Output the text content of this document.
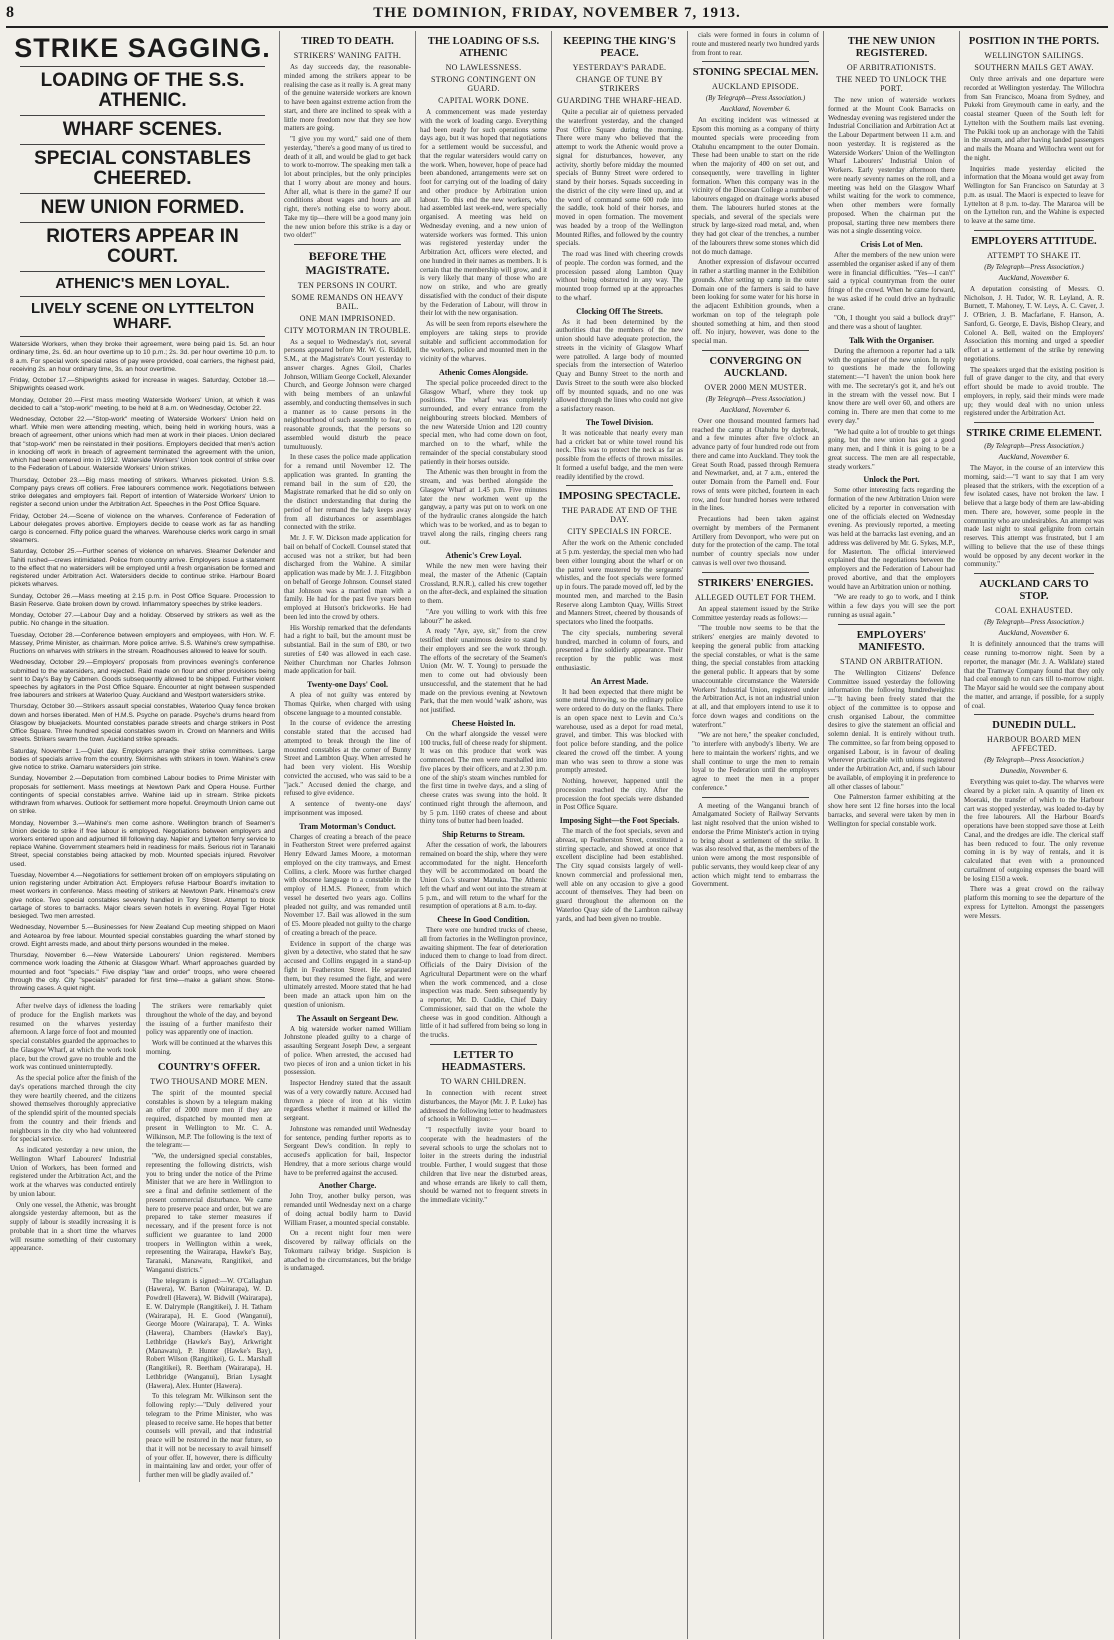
8	THE DOMINION, FRIDAY, NOVEMBER 7, 1913.
STRIKE SAGGING.
LOADING OF THE S.S. ATHENIC.
WHARF SCENES.
SPECIAL CONSTABLES CHEERED.
NEW UNION FORMED.
RIOTERS APPEAR IN COURT.
ATHENIC'S MEN LOYAL.
LIVELY SCENE ON LYTTELTON WHARF.

Waterside Workers, when they broke their agreement, were being paid 1s. 5d. an hour ordinary time, 2s. 6d. an hour overtime up to 10 p.m.; 2s. 3d. per hour overtime 10 p.m. to 8 a.m. For special work special rates of pay were provided, coal carriers, the highest paid, receiving 2s. an hour ordinary time, 3s. an hour overtime.

Friday, October 17.—Shipwrights asked for increase in wages. Saturday, October 18.—Shipwrights ceased work.

Monday, October 20.—First mass meeting Waterside Workers' Union, at which it was decided to call a "stop-work" meeting, to be held at 8 a.m. on Wednesday, October 22.

Wednesday, October 22.—"Stop-work" meeting of Waterside Workers' Union held on wharf. While men were attending meeting, which, being held in working hours, was a breach of agreement, other unions which had men at work in their places. Union declared that "stop-work" men be reinstated in their positions. Employers decided that men's action in knocking off work in breach of agreement terminated the agreement with the union, which had been entered into in 1912. Waterside Workers' Union took control of strike over to the Federation of Labour. Waterside Workers' Union strikes.

Thursday, October 23.—Big mass meeting of strikers. Wharves picketed. Union S.S. Company pays crews off colliers. Free labourers commence work. Negotiations between strike delegates and employers fail. Report of intention of Waterside Workers' Union to register a second union under the Arbitration Act. Speeches in the Post Office Square.

Friday, October 24.—Scene of violence on the wharves. Conference of Federation of Labour delegates proves abortive. Employers decide to cease work as far as handling cargo is concerned. Fifty police guard the wharves. Warehouse clerks work cargo in small steamers.

Saturday, October 25.—Further scenes of violence on wharves. Steamer Defender and Tahiti rushed—crews intimidated. Police from country arrive. Employers issue a statement to the effect that no watersiders will be employed until a fresh organisation be formed and registered under Arbitration Act. Watersiders decide to continue strike. Harbour Board pickets wharves.

Sunday, October 26.—Mass meeting at 2.15 p.m. in Post Office Square. Procession to Basin Reserve. Gate broken down by crowd. Inflammatory speeches by strike leaders.

Monday, October 27.—Labour Day and a holiday. Observed by strikers as well as the public. No change in the situation.

Tuesday, October 28.—Conference between employers and employees, with Hon. W. F. Massey, Prime Minister, as chairman. More police arrive. S.S. Wahine's crew sympathise. Ructions on wharves with strikers in the stream. Roadhouses allowed to leave for south.

Wednesday, October 29.—Employers' proposals from provinces evening's conference submitted to the watersiders, and rejected. Raid made on flour and other provisions being sent to Day's Bay by Cabmen. Goods subsequently allowed to be shipped. Further violent speeches by agitators in the Post Office Square. Encounter at night between suspended free labourers and strikers at Waterloo Quay. Auckland and Westport watersiders strike.

Thursday, October 30.—Strikers assault special constables, Waterloo Quay fence broken down and horses liberated. Men of H.M.S. Psyche on parade. Psyche's drums heard from Glasgow by bluejackets. Mounted constables parade streets and charge strikers in Post Office Square. Three hundred special constables sworn in. Crowd on Manners and Willis streets. Strikers swarm the town. Auckland strike spreads.

Saturday, November 1.—Quiet day. Employers arrange their strike committees. Large bodies of specials arrive from the country. Skirmishes with strikers in town. Wahine's crew give notice to strike. Oamaru watersiders join strike.

Sunday, November 2.—Deputation from combined Labour bodies to Prime Minister with proposals for settlement. Mass meetings at Newtown Park and Opera House. Further contingents of special constables arrive. Wahine laid up in stream. Strike pickets withdrawn from wharves. Outlook for settlement more hopeful. Greymouth Union came out on strike.

Monday, November 3.—Wahine's men come ashore. Wellington branch of Seamen's Union decide to strike if free labour is employed. Negotiations between employers and workers entered upon and adjourned till following day. Napier and Lyttelton ferry service to replace Wahine. Government steamers held in readiness for mails. Serious riot in Taranaki Street, special constables being attacked by mob. Mounted specials injured. Revolver used.

Tuesday, November 4.—Negotiations for settlement broken off on employers stipulating on union registering under Arbitration Act. Employers refuse Harbour Board's invitation to meet workers in conference. Mass meeting of strikers at Newtown Park. Hinemoa's crew give notice. Two special constables severely handled in Tory Street. Attempt to block cartage of stores to barracks. Major clears seven hotels in evening. Royal Tiger Hotel besieged. Two men arrested.

Wednesday, November 5.—Businesses for New Zealand Cup meeting shipped on Maori and Aotearoa by free labour. Mounted special constables guarding the wharf stoned by crowd. Eight arrests made, and about thirty persons wounded in the melee.

Thursday, November 6.—New Waterside Labourers' Union registered. Members commence work loading the Athenic at Glasgow Wharf. Wharf approaches guarded by mounted and foot "specials." Five display "law and order" troops, who were cheered through the city. City "specials" paraded for first time—make a gallant show. Stone-throwing cases. A quiet night.

After twelve days of idleness the loading of produce for the English markets was resumed on the wharves yesterday afternoon. A large force of foot and mounted special constables guarded the approaches to the Glasgow Wharf, at which the work took place, but the crowd gave no trouble and the work was continued uninterruptedly.

As the special police after the finish of the day's operations marched through the city they were heartily cheered, and the citizens showed themselves thoroughly appreciative of the splendid spirit of the mounted specials from the country and their friends and neighbours in the city who had volunteered for special service.

As indicated yesterday a new union, the Wellington Wharf Labourers' Industrial Union of Workers, has been formed and registered under the Arbitration Act, and the work at the wharves was conducted entirely by union labour.

Only one vessel, the Athenic, was brought alongside yesterday afternoon, but as the supply of labour is steadily increasing it is probable that in a short time the wharves will resume something of their customary appearance.

The strikers were remarkably quiet throughout the whole of the day, and beyond the issuing of a further manifesto their policy was apparently one of inaction.

Work will be continued at the wharves this morning.

COUNTRY'S OFFER.
TWO THOUSAND MORE MEN.

The spirit of the mounted special constables is shown by a telegram making an offer of 2000 more men if they are required, dispatched by mounted men at present in Wellington to Mr. C. A. Wilkinson, M.P. The following is the text of the telegram:—

"We, the undersigned special constables, representing the following districts, wish you to bring under the notice of the Prime Minister that we are here in Wellington to see a final and definite settlement of the present commercial disturbance. We came here to preserve peace and order, but we are prepared to take sterner measures if necessary, and if the present force is not sufficient we guarantee to land 2000 troopers in Wellington within a week, representing the Wairarapa, Hawke's Bay, Taranaki, Manawatu, Rangitikei, and Wanganui districts."

The telegram is signed:—W. O'Callaghan (Hawera), W. Barton (Wairarapa), W. D. Powdrell (Hawera), W. Bidwill (Wairarapa), E. W. Dalrymple (Rangitikei), J. H. Tatham (Wairarapa), H. E. Good (Wanganui), George Moore (Wairarapa), T. A. Winks (Hawera), Chambers (Hawke's Bay), Lethbridge (Hawke's Bay), Arkwright (Manawatu), P. Hunter (Hawke's Bay), Robert Wilson (Rangitikei), G. L. Marshall (Rangitikei), R. Beetham (Wairarapa), H. Lethbridge (Wanganui), Brian Lysaght (Hawera), Alex. Hunter (Hawera).

To this telegram Mr. Wilkinson sent the following reply:—"Duly delivered your telegram to the Prime Minister, who was pleased to receive same. He hopes that better counsels will prevail, and that industrial peace will be restored in the near future, so that it will not be necessary to avail himself of your offer. If, however, there is difficulty in maintaining law and order, your offer of further men will be gladly availed of."

TIRED TO DEATH.
STRIKERS' WANING FAITH.

As day succeeds day, the reasonable-minded among the strikers appear to be realising the case as it really is. A great many of the genuine waterside workers are known to have been against extreme action from the start, and there are inclined to speak with a little more freedom now that they see how matters are going.

"I give you my word," said one of them yesterday, "there's a good many of us tired to death of it all, and would be glad to get back to work to-morrow. The speaking men talk a lot about principles, but the only principles that I worry about are money and hours. After all, what is there in the game? If our conditions about wages and hours are all right, there's nothing else to worry about. Take my tip—there will be a good many join the new union before this strike is a day or two older!"

BEFORE THE MAGISTRATE.
TEN PERSONS IN COURT.
SOME REMANDS ON HEAVY BAIL.
ONE MAN IMPRISONED.
CITY MOTORMAN IN TROUBLE.

As a sequel to Wednesday's riot, several persons appeared before Mr. W. G. Riddell, S.M., at the Magistrate's Court yesterday to answer charges. Agnes Gloil, Charles Johnson, William George Cockell, Alexander Church, and George Johnson were charged with being members of an unlawful assembly, and conducting themselves in such a manner as to cause persons in the neighbourhood of such assembly to fear, on reasonable grounds, that the persons so assembled would disturb the peace tumultuously.

In these cases the police made application for a remand until November 12. The application was granted. In granting the remand bail in the sum of £20, the Magistrate remarked that he did so only on the distinct understanding that during the period of her remand the lady keeps away from all disturbances or assemblages connected with the strike.

Mr. J. F. W. Dickson made application for bail on behalf of Cockell. Counsel stated that accused was not a striker, but had been discharged from the Wahine. A similar application was made by Mr. J. J. Fitzgibbon on behalf of George Johnson. Counsel stated that Johnson was a married man with a family. He had for the past five years been employed at Hutson's brickworks. He had been led into the crowd by others.

His Worship remarked that the defendants had a right to bail, but the amount must be substantial. Bail in the sum of £80, or two sureties of £40 was allowed in each case. Neither Churchman nor Charles Johnson made application for bail.

Twenty-one Days' Cool.

A plea of not guilty was entered by Thomas Quirke, when charged with using obscene language to a mounted constable.

In the course of evidence the arresting constable stated that the accused had attempted to break through the line of mounted constables at the corner of Bunny Street and Lambton Quay. When arrested he had been very violent. His Worship convicted the accused, who was said to be a "jack." Accused denied the charge, and refused to give evidence.

A sentence of twenty-one days' imprisonment was imposed.

Tram Motorman's Conduct.

Charges of creating a breach of the peace in Featherston Street were preferred against Henry Edward James Moore, a motorman employed on the city tramways, and Ernest Collins, a clerk. Moore was further charged with obscene language to a constable in the employ of H.M.S. Pioneer, from which vessel he deserted two years ago. Collins pleaded not guilty, and was remanded until November 17. Bail was allowed in the sum of £5. Moore pleaded not guilty to the charge of creating a breach of the peace.

Evidence in support of the charge was given by a detective, who stated that he saw accused and Collins engaged in a stand-up fight in Featherston Street. He separated them, but they resumed the fight, and were ultimately arrested. Moore stated that he had been made an attack upon him on the question of unionism.

The Assault on Sergeant Dew.

A big waterside worker named William Johnstone pleaded guilty to a charge of assaulting Sergeant Joseph Dew, a sergeant of police. When arrested, the accused had two pieces of iron and a union ticket in his possession.

Inspector Hendrey stated that the assault was of a very cowardly nature. Accused had thrown a piece of iron at his victim regardless whether it maimed or killed the sergeant.

Johnstone was remanded until Wednesday for sentence, pending further reports as to Sergeant Dew's condition. In reply to accused's application for bail, Inspector Hendrey, that a more serious charge would have to be preferred against the accused.

Another Charge.

John Troy, another bulky person, was remanded until Wednesday next on a charge of doing actual bodily harm to David William Fraser, a mounted special constable.

On a recent night four men were discovered by railway officials on the Tokomaru railway bridge. Suspicion is attached to the circumstances, but the bridge is undamaged.

THE LOADING OF S.S. ATHENIC
NO LAWLESSNESS.
STRONG CONTINGENT ON GUARD.
CAPITAL WORK DONE.

A commencement was made yesterday with the work of loading cargo. Everything had been ready for such operations some days ago, but it was hoped that negotiations for a settlement would be successful, and that the regular watersiders would carry on the work. When, however, hope of peace had been abandoned, arrangements were set on foot for carrying out of the loading of dairy and other produce by Arbitration union labour. To this end the new workers, who had assembled last week-end, were specially organised. A meeting was held on Wednesday evening, and a new union of waterside workers was formed. This union was registered yesterday under the Arbitration Act, officers were elected, and one hundred in their names as members. It is certain that the membership will grow, and it is very likely that many of those who are now on strike, and who are greatly dissatisfied with the conduct of their dispute by the Federation of Labour, will throw in their lot with the new organisation.

As will be seen from reports elsewhere the employers are taking steps to provide suitable and sufficient accommodation for the workers, police and mounted men in the vicinity of the wharves.

Athenic Comes Alongside.

The special police proceeded direct to the Glasgow Wharf, where they took up positions. The wharf was completely surrounded, and every entrance from the neighbouring streets blocked. Members of the new Waterside Union and 120 country special men, who had come down on foot, marched on to the wharf, while the remainder of the special constabulary stood patiently in their horses outside.

The Athenic was then brought in from the stream, and was berthed alongside the Glasgow Wharf at 1.45 p.m. Five minutes later the new workmen went up the gangway, a party was put on to work on one of the hydraulic cranes alongside the hatch which was to be worked, and as to began to travel along the rails, ringing cheers rang out.

Athenic's Crew Loyal.

While the new men were having their meal, the master of the Athenic (Captain Crossland, R.N.R.), called his crew together on the after-deck, and explained the situation to them.

"Are you willing to work with this free labour?" he asked.

A ready "Aye, aye, sir," from the crew testified their unanimous desire to stand by their employers and see the work through. The efforts of the secretary of the Seamen's Union (Mr. W. T. Young) to persuade the men to come out had obviously been unsuccessful, and the statement that he had made on the previous evening at Newtown Park, that the men would 'walk' ashore, was not justified.

Cheese Hoisted In.

On the wharf alongside the vessel were 100 trucks, full of cheese ready for shipment. It was on this produce that work was commenced. The men were marshalled into five places by their officers, and at 2.30 p.m. one of the ship's steam winches rumbled for the first time in twelve days, and a sling of cheese crates was swung into the hold. It continued right through the afternoon, and by 5 p.m. 1160 crates of cheese and about thirty tons of butter had been loaded.

Ship Returns to Stream.

After the cessation of work, the labourers remained on board the ship, where they were accommodated for the night. Henceforth they will be accommodated on board the Union Co.'s steamer Manuka. The Athenic left the wharf and went out into the stream at 5 p.m., and will return to the wharf for the resumption of operations at 8 a.m. to-day.

Cheese In Good Condition.

There were one hundred trucks of cheese, all from factories in the Wellington province, awaiting shipment. The fear of deterioration induced them to change to load from direct. Officials of the Dairy Division of the Agricultural Department were on the wharf when the work commenced, and a close inspection was made. Seen subsequently by a reporter, Mr. D. Cuddie, Chief Dairy Commissioner, said that on the whole the cheese was in good condition. Although a little of it had suffered from being so long in the trucks.

LETTER TO HEADMASTERS.
TO WARN CHILDREN.

In connection with recent street disturbances, the Mayor (Mr. J. P. Luke) has addressed the following letter to headmasters of schools in Wellington:—

"I respectfully invite your board to cooperate with the headmasters of the several schools to urge the scholars not to loiter in the streets during the industrial trouble. Further, I would suggest that those children that live near the disturbed areas, and whose errands are likely to call them, should be warned not to frequent streets in the immediate vicinity."

KEEPING THE KING'S PEACE.
YESTERDAY'S PARADE.
CHANGE OF TUNE BY STRIKERS
GUARDING THE WHARF-HEAD.

Quite a peculiar air of quietness pervaded the waterfront yesterday, and the changed Post Office Square during the morning. There were many who believed that the attempt to work the Athenic would prove a signal for disturbances, however, any activity, shortly before midday the mounted specials of Bunny Street were ordered to stand by their horses. Squads succeeding in the district of the city were lined up, and at the word of command some 600 rode into the saddle, took hold of their horses, and moved in open formation. The movement was headed by a troop of the Wellington Mounted Rifles, and followed by the country specials.

The road was lined with cheering crowds of people. The cordon was formed, and the procession passed along Lambton Quay without being obstructed in any way. The mounted troop formed up at the approaches to the wharf.

Clocking Off The Streets.

As it had been determined by the authorities that the members of the new union should have adequate protection, the streets in the vicinity of Glasgow Wharf were patrolled. A large body of mounted specials from the intersection of Waterloo Quay and Bunny Street to the north and Davis Street to the south were also blocked off by mounted squads, and no one was allowed through the lines who could not give a satisfactory reason.

The Towel Division.

It was noticeable that nearly every man had a cricket bat or white towel round his neck. This was to protect the neck as far as possible from the effects of thrown missiles. It formed a useful badge, and the men were readily identified by the crowd.

IMPOSING SPECTACLE.
THE PARADE AT END OF THE DAY.
CITY SPECIALS IN FORCE.

After the work on the Athenic concluded at 5 p.m. yesterday, the special men who had been either lounging about the wharf or on the patrol were mustered by the sergeants' whistles, and the foot specials were formed up in fours. The parade moved off, led by the mounted men, and marched to the Basin Reserve along Lambton Quay, Willis Street and Manners Street, cheered by thousands of spectators who lined the footpaths.

The city specials, numbering several hundred, marched in column of fours, and presented a fine soldierly appearance. Their reception by the public was most enthusiastic.

An Arrest Made.

It had been expected that there might be some metal throwing, so the ordinary police were ordered to do duty on the flanks. There is an open space next to Levin and Co.'s warehouse, used as a depot for road metal, gravel, and timber. This was blocked with foot police before standing, and the police cleared the crowd off the timber. A young man who was seen to throw a stone was promptly arrested.

Nothing, however, happened until the procession reached the city. After the procession the foot specials were disbanded in Post Office Square.

Imposing Sight—the Foot Specials.

The march of the foot specials, seven and abreast, up Featherston Street, constituted a stirring spectacle, and showed at once that excellent discipline had been established. The City squad consists largely of well-known commercial and professional men, well able on any occasion to give a good account of themselves. They had been on guard throughout the afternoon on the Waterloo Quay side of the Lambton railway yards, and had been given no trouble.

cials were formed in fours in column of route and mustered nearly two hundred yards from front to rear.

STONING SPECIAL MEN.
AUCKLAND EPISODE.
(By Telegraph—Press Association.)
Auckland, November 6.

An exciting incident was witnessed at Epsom this morning as a company of thirty mounted specials were proceeding from Otahuhu encampment to the outer Domain. These had been unable to start on the ride when the majority of 400 on set out, and consequently, were travelling in lighter formation. When this company was in the vicinity of the Diocesan College a number of labourers engaged on drainage works abused them. The labourers hurled stones at the specials, and several of the specials were struck by large-sized road metal, and, when they had got clear of the trenches, a number of the labourers threw some stones which did not do much damage.

Another expression of disfavour occurred in rather a startling manner in the Exhibition grounds. After setting up camp in the outer Domain one of the farmers is said to have been looking for some water for his horse in the adjacent Exhibition grounds, when a workman on top of the telegraph pole shouted something at him, and then stood off. No injury, however, was done to the special man.

CONVERGING ON AUCKLAND.
OVER 2000 MEN MUSTER.
(By Telegraph—Press Association.)
Auckland, November 6.

Over one thousand mounted farmers had reached the camp at Otahuhu by daybreak, and a few minutes after five o'clock an advance party of four hundred rode out from there and came into Auckland. They took the Great South Road, passed through Remuera and Newmarket, and, at 7 a.m., entered the outer Domain from the Parnell end. Four rows of tents were pitched, fourteen in each row, and four hundred horses were tethered in the lines.

Precautions had been taken against overnight by members of the Permanent Artillery from Devonport, who were put on duty for the protection of the camp. The total number of country specials now under canvas is well over two thousand.

STRIKERS' ENERGIES.
ALLEGED OUTLET FOR THEM.

An appeal statement issued by the Strike Committee yesterday reads as follows:—

"The trouble now seems to be that the strikers' energies are mainly devoted to keeping the general public from attacking the special constables, or what is the same thing, the special constables from attacking the general public. It appears that by some unaccountable circumstance the Waterside Workers' Industrial Union, registered under the Arbitration Act, is not an industrial union at all, and that employers intend to use it to force down wages and conditions on the waterfront."

"We are not here," the speaker concluded, "to interfere with anybody's liberty. We are here to maintain the workers' rights, and we shall continue to urge the men to remain loyal to the Federation until the employers agree to meet the men in a proper conference."

A meeting of the Wanganui branch of Amalgamated Society of Railway Servants last night resolved that the union wished to endorse the Prime Minister's action in trying to bring about a settlement of the strike. It was also resolved that, as the members of the union were among the most responsible of public servants, they would keep clear of any action which might tend to embarrass the Government.

THE NEW UNION REGISTERED.
OF ARBITRATIONISTS.
THE NEED TO UNLOCK THE PORT.

The new union of waterside workers formed at the Mount Cook Barracks on Wednesday evening was registered under the Industrial Conciliation and Arbitration Act at the Labour Department between 11 a.m. and noon yesterday. It is registered as the Waterside Workers' Union of the Wellington Wharf Labourers' Industrial Union of Workers. Early yesterday afternoon there were nearly seventy names on the roll, and a meeting was held on the Glasgow Wharf whilst waiting for the work to commence, when other members were formally proposed. When the chairman put the proposal, starting three new members there was not a single dissenting voice.

Crisis Lot of Men.

After the members of the new union were assembled the organiser asked if any of them were in financial difficulties. "Yes—I can't" said a typical countryman from the outer fringe of the crowd. When he came forward, he was asked if he could drive an hydraulic crane.

"Oh, I thought you said a bullock dray!" and there was a shout of laughter.

Talk With the Organiser.

During the afternoon a reporter had a talk with the organiser of the new union. In reply to questions he made the following statement:—"I haven't the union book here with me. The secretary's got it, and he's out in the stream with the vessel now. But I know there are well over 60, and others are coming in. There are men that come to me every day."

"We had quite a lot of trouble to get things going, but the new union has got a good many men, and I think it is going to be a great success. The men are all respectable, steady workers."

Unlock the Port.

Some other interesting facts regarding the formation of the new Arbitration Union were elicited by a reporter in conversation with one of the officials elected on Wednesday evening. As previously reported, a meeting was held at the barracks last evening, and an address was delivered by Mr. G. Sykes, M.P., for Masterton. The official interviewed explained that the negotiations between the employers and the Federation of Labour had proved abortive, and that the employers would have an Arbitration union or nothing.

"We are ready to go to work, and I think within a few days you will see the port running as usual again."

EMPLOYERS' MANIFESTO.
STAND ON ARBITRATION.

The Wellington Citizens' Defence Committee issued yesterday the following information the following hundredweights:—"It having been freely stated that the object of the committee is to oppose and crush organised Labour, the committee desires to give the statement an official and solemn denial. It is entirely without truth. The committee, so far from being opposed to organised Labour, is in favour of dealing wherever practicable with unions registered under the Arbitration Act, and, if such labour be available, of employing it in preference to all other classes of labour."

One Palmerston farmer exhibiting at the show here sent 12 fine horses into the local barracks, and several were taken by men in Wellington for special constable work.

POSITION IN THE PORTS.
WELLINGTON SAILINGS.
SOUTHERN MAILS GET AWAY.

Only three arrivals and one departure were recorded at Wellington yesterday. The Willochra from San Francisco, Moana from Sydney, and Pukeki from Greymouth came in early, and the coastal steamer Queen of the South left for Lyttelton with the Southern mails last evening. The Pukiki took up an anchorage with the Tahiti in the stream, and after having landed passengers and mails the Moana and Willochra went out for the night.

Inquiries made yesterday elicited the information that the Moana would get away from Wellington for San Francisco on Saturday at 3 p.m. as usual. The Maori is expected to leave for Lyttelton at 8 p.m. to-day. The Mararoa will be on the Lyttelton run, and the Wahine is expected to leave at the same time.

EMPLOYERS ATTITUDE.
ATTEMPT TO SHAKE IT.
(By Telegraph—Press Association.)
Auckland, November 6.

A deputation consisting of Messrs. O. Nicholson, J. H. Tudor, W. R. Leyland, A. R. Burnett, T. Mahoney, T. W. Leys, A. C. Caver, J. J. O'Brien, J. B. Macfarlane, F. Hanson, A. Sanford, G. George, E. Davis, Bishop Cleary, and Colonel A. Bell, waited on the Employers' Association this morning and urged a speedier effort at a settlement of the strike by renewing negotiations.

The speakers urged that the existing position is full of grave danger to the city, and that every effort should be made to avoid trouble. The employers, in reply, said their minds were made up; they would deal with no union unless registered under the Arbitration Act.

STRIKE CRIME ELEMENT.
(By Telegraph—Press Association.)
Auckland, November 6.

The Mayor, in the course of an interview this morning, said:—"I want to say that I am very pleased that the strikers, with the exception of a few isolated cases, have not broken the law. I believe that a large body of them are law-abiding men. There are, however, some people in the community who are undesirables. An attempt was made last night to steal gelignite from certain reserves. This attempt was frustrated, but I am willing to believe that the use of these things would be opposed by any decent worker in the community."

AUCKLAND CARS TO STOP.
COAL EXHAUSTED.
(By Telegraph—Press Association.)
Auckland, November 6.

It is definitely announced that the trams will cease running to-morrow night. Seen by a reporter, the manager (Mr. J. A. Walklate) stated that the Tramway Company found that they only had coal enough to run cars till to-morrow night. The Mayor said he would see the company about the matter, and arrange, if possible, for a supply of coal.

DUNEDIN DULL.
HARBOUR BOARD MEN AFFECTED.
(By Telegraph—Press Association.)
Dunedin, November 6.

Everything was quiet to-day. The wharves were cleared by a picket rain. A quantity of linen ex Moeraki, the transfer of which to the Harbour cart was stopped yesterday, was loaded to-day by the free labourers. All the Harbour Board's operations have been stopped save those at Leith Canal, and the dredges are idle. The clerical staff has been reduced to four. The only revenue coming in is by way of rentals, and it is calculated that even with a pronounced curtailment of outgoing expenses the board will be losing £150 a week.

There was a great crowd on the railway platform this morning to see the departure of the express for Lyttelton. Amongst the passengers were Messrs.
